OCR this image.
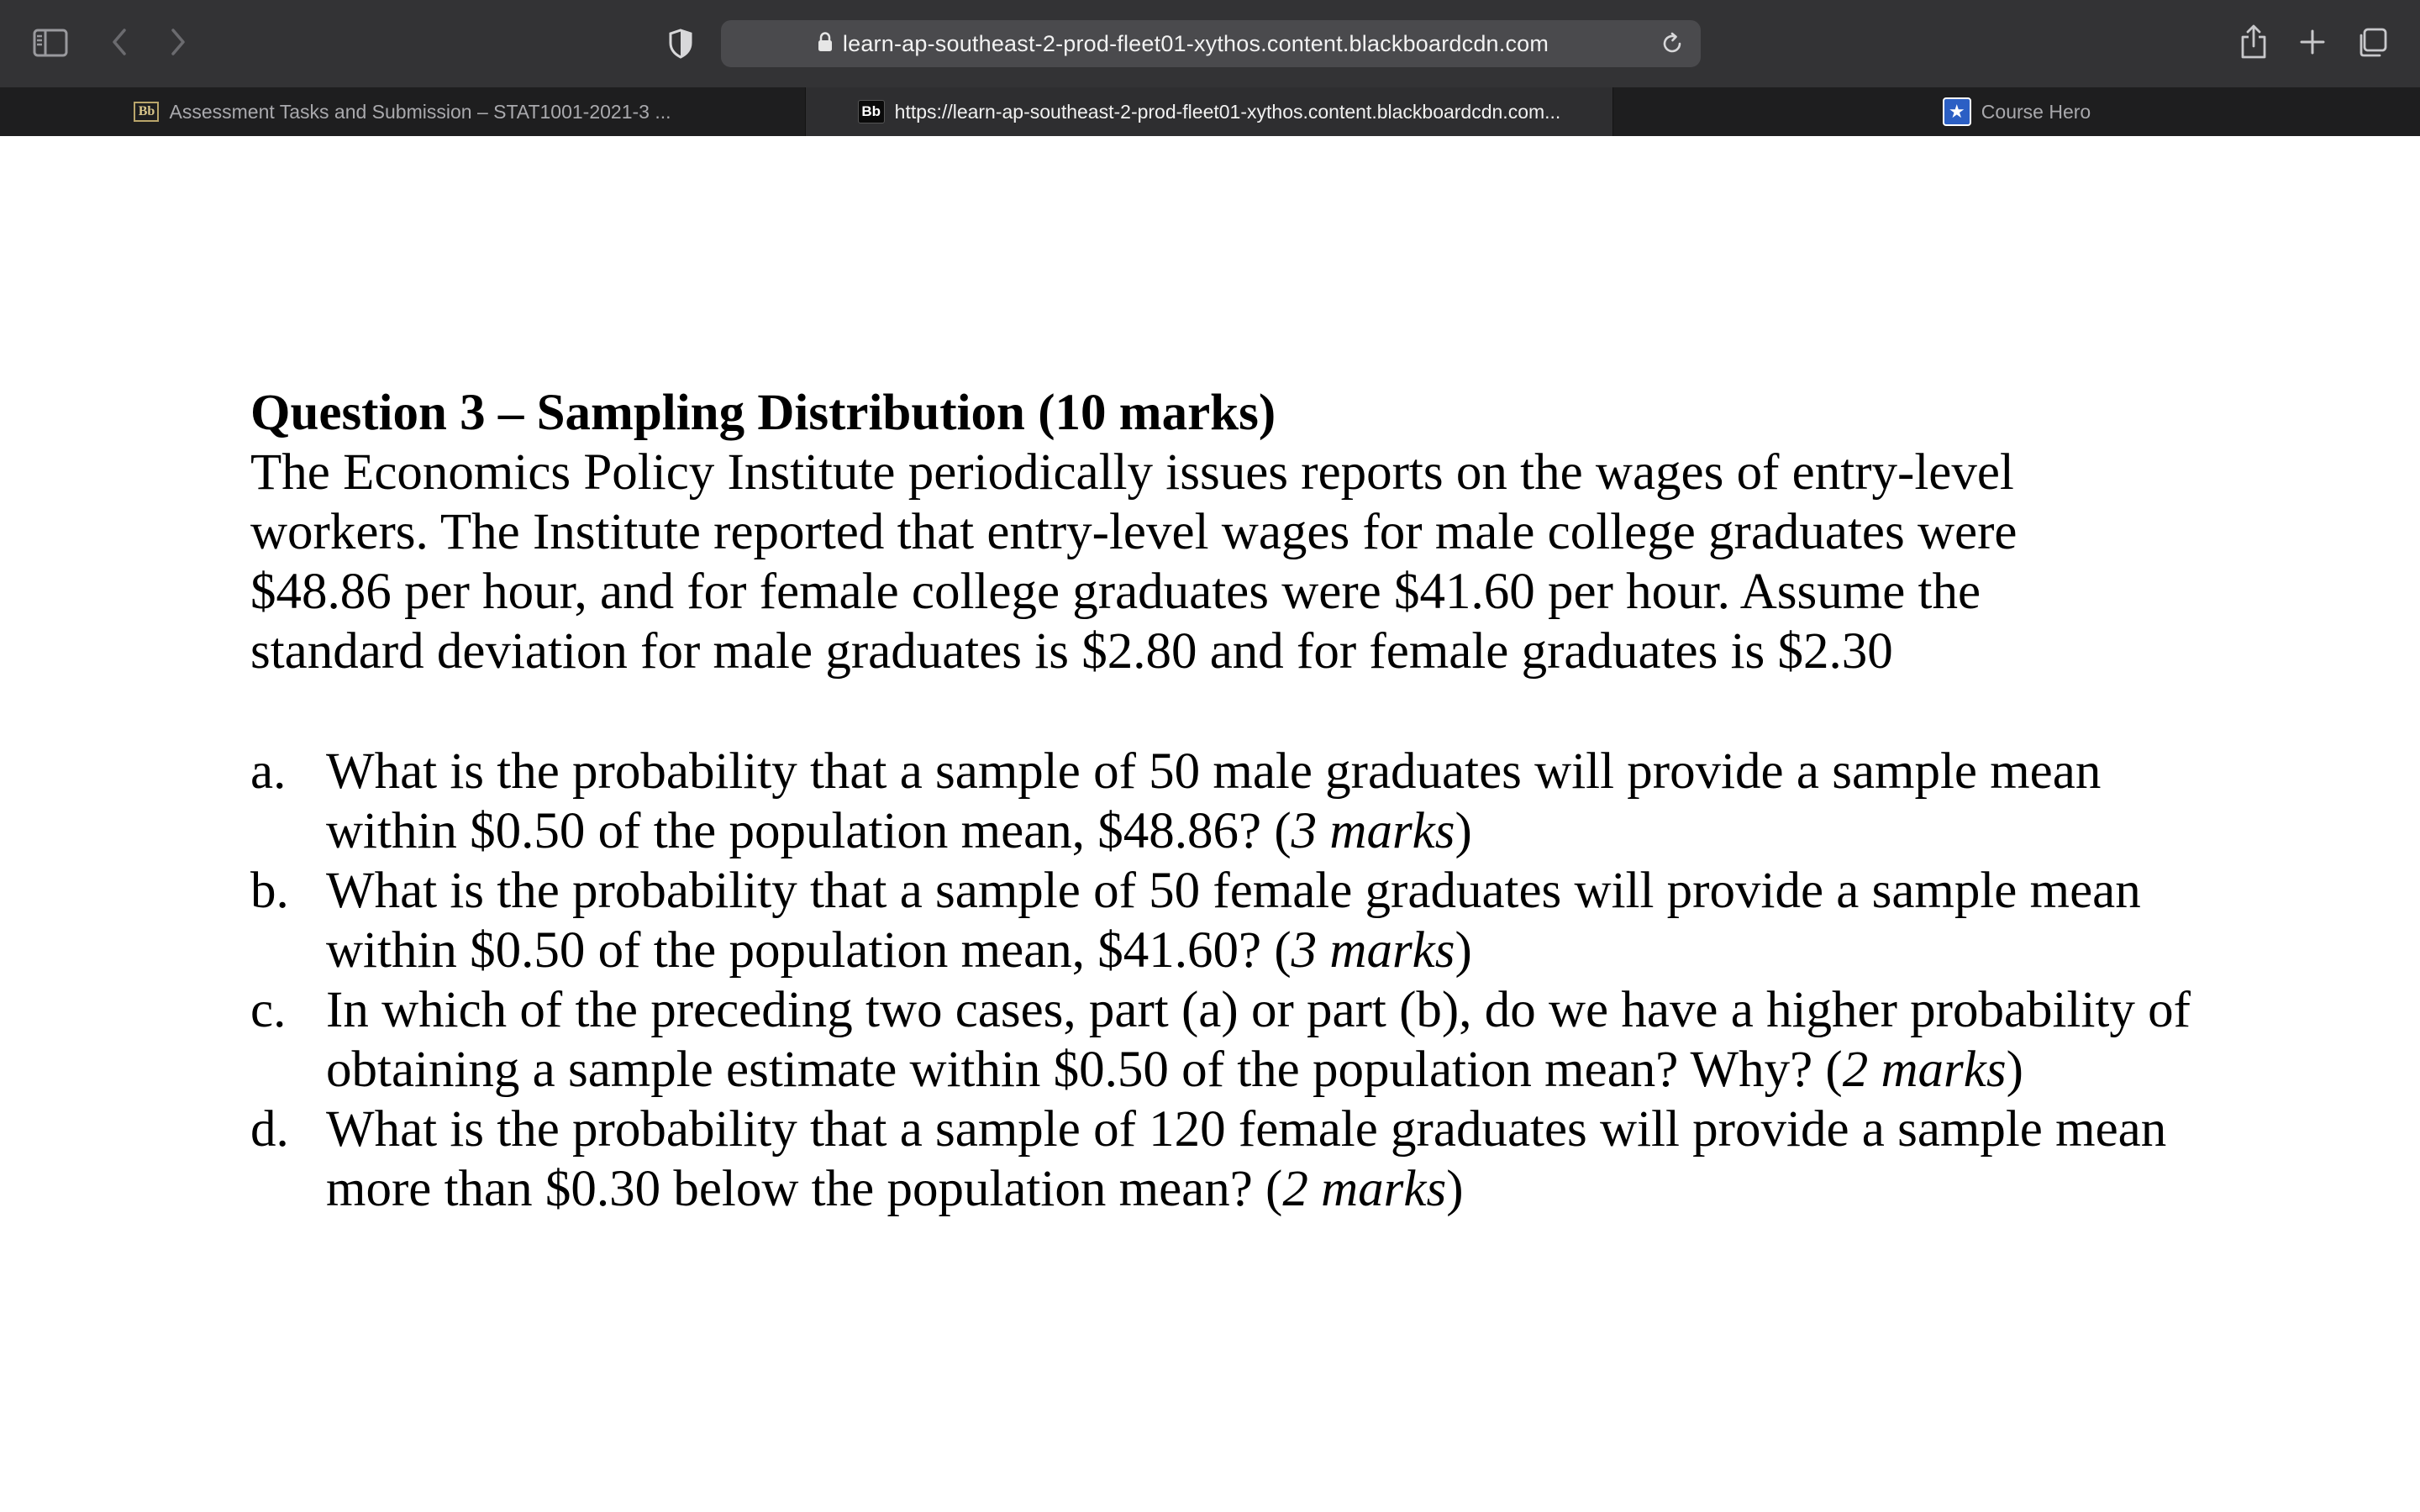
learn-ap-southeast-2-prod-fleet01-xythos.content.blackboardcdn.com
Bb Assessment Tasks and Submission – STAT1001-2021-3 ...	Bb https://learn-ap-southeast-2-prod-fleet01-xythos.content.blackboardcdn.com...	★ Course Hero
Question 3 – Sampling Distribution (10 marks)

The Economics Policy Institute periodically issues reports on the wages of entry-level workers. The Institute reported that entry-level wages for male college graduates were $48.86 per hour, and for female college graduates were $41.60 per hour. Assume the standard deviation for male graduates is $2.80 and for female graduates is $2.30

a. What is the probability that a sample of 50 male graduates will provide a sample mean within $0.50 of the population mean, $48.86? (3 marks)
b. What is the probability that a sample of 50 female graduates will provide a sample mean within $0.50 of the population mean, $41.60? (3 marks)
c. In which of the preceding two cases, part (a) or part (b), do we have a higher probability of obtaining a sample estimate within $0.50 of the population mean? Why? (2 marks)
d. What is the probability that a sample of 120 female graduates will provide a sample mean more than $0.30 below the population mean? (2 marks)
